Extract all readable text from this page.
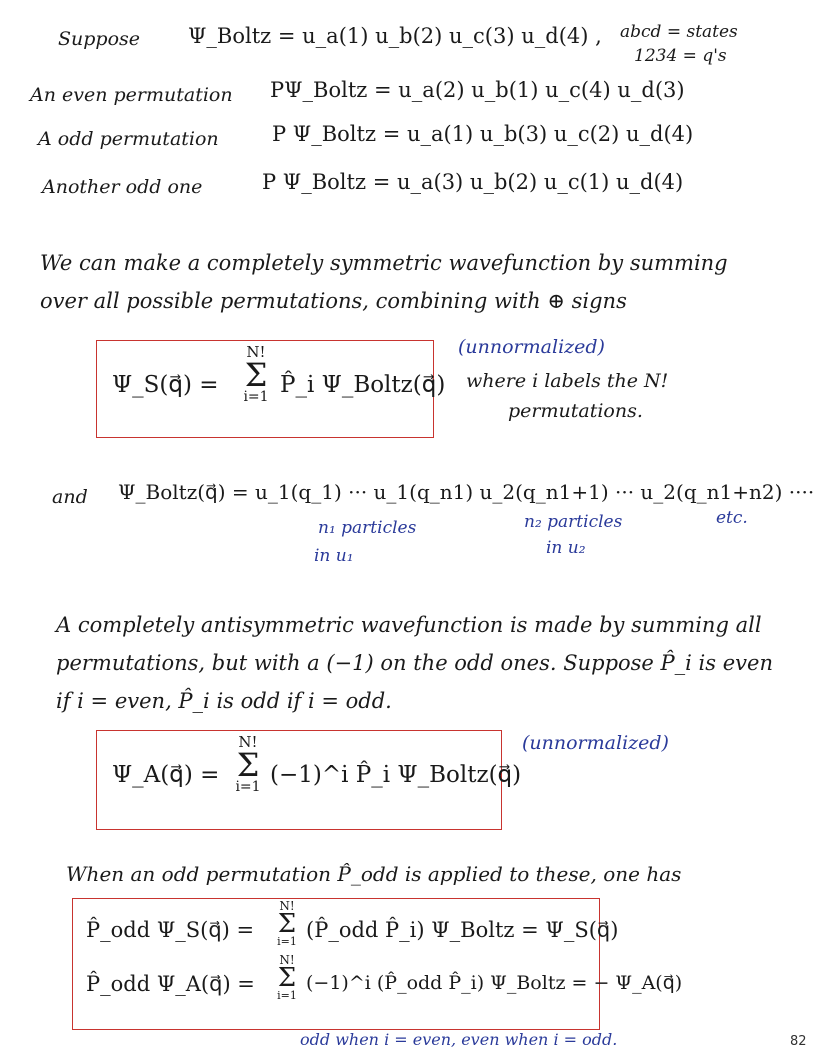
Suppose Ψ_Boltz = u_a(1) u_b(2) u_c(3) u_d(4) , abcd = states
1234 = q's
An even permutation PΨ_Boltz = u_a(2) u_b(1) u_c(4) u_d(3)
A odd permutation	P Ψ_Boltz = u_a(1) u_b(3) u_c(2) u_d(4)
Another odd one	P Ψ_Boltz = u_a(3) u_b(2) u_c(1) u_d(4)
We can make a completely symmetric wavefunction by summing over all possible permutations, combining with ⊕ signs
Ψ_S(q⃗) =
N!
Σ
i=1 P̂_i Ψ_Boltz(q⃗)
(unnormalized)
where i labels the N!
permutations.
and Ψ_Boltz(q⃗) = u_1(q_1) ··· u_1(q_n1) u_2(q_n1+1) ··· u_2(q_n1+n2) ····
n₁ particles
in u₁
n₂ particles
in u₂
etc.
A completely antisymmetric wavefunction is made by summing all permutations, but with a (−1) on the odd ones. Suppose P̂_i is even if i = even, P̂_i is odd if i = odd.
Ψ_A(q⃗) =
N!
Σ
i=1 (−1)^i P̂_i Ψ_Boltz(q⃗)
(unnormalized)
When an odd permutation P̂_odd is applied to these, one has
P̂_odd Ψ_S(q⃗) =
N!
Σ
i=1 (P̂_odd P̂_i) Ψ_Boltz = Ψ_S(q⃗)
P̂_odd Ψ_A(q⃗) =
N!
Σ
i=1
(−1)^i (P̂_odd P̂_i) Ψ_Boltz = − Ψ_A(q⃗)
odd when i = even, even when i = odd.	82
